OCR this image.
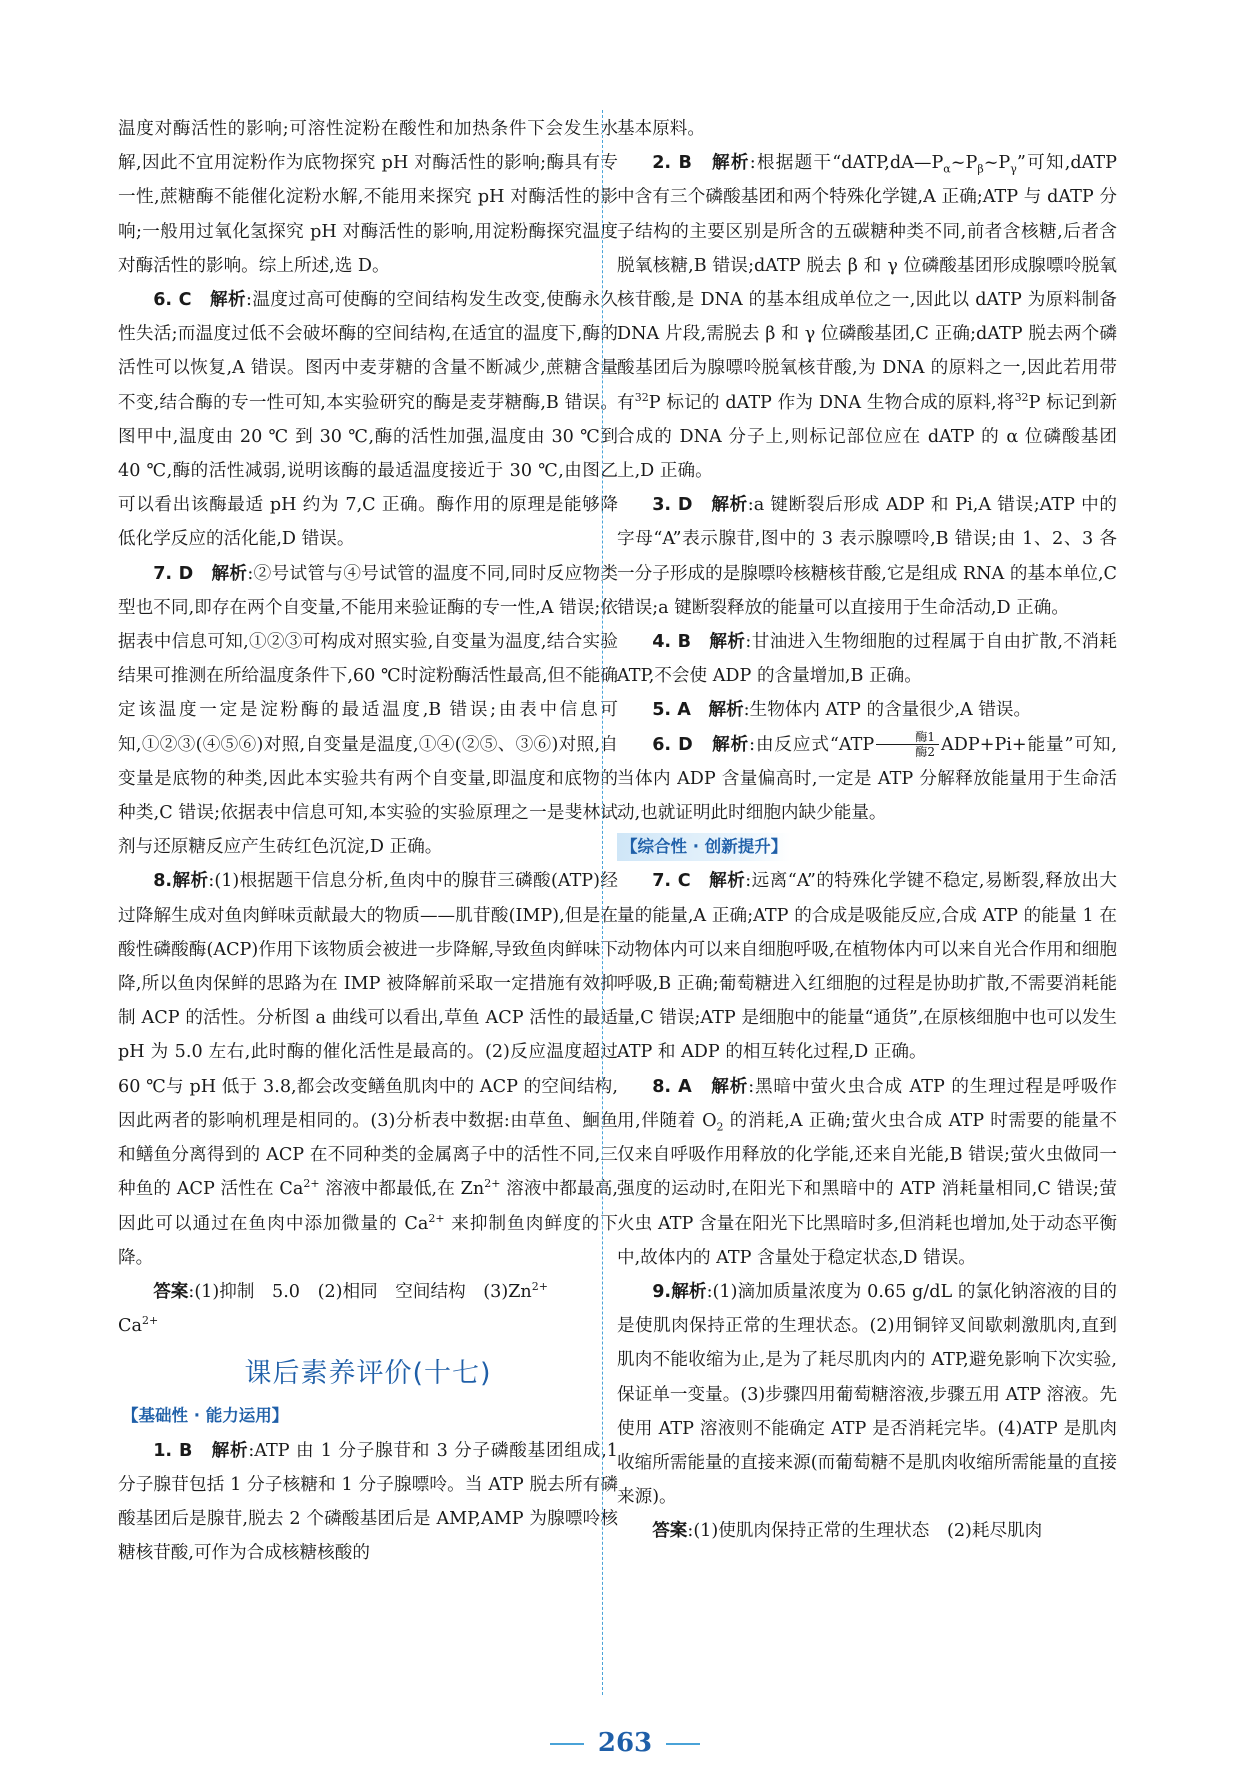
温度对酶活性的影响;可溶性淀粉在酸性和加热条件下会发生水解,因此不宜用淀粉作为底物探究 pH 对酶活性的影响;酶具有专一性,蔗糖酶不能催化淀粉水解,不能用来探究 pH 对酶活性的影响;一般用过氧化氢探究 pH 对酶活性的影响,用淀粉酶探究温度对酶活性的影响。综上所述,选 D。

6. C　 解析:温度过高可使酶的空间结构发生改变,使酶永久性失活;而温度过低不会破坏酶的空间结构,在适宜的温度下,酶的活性可以恢复,A 错误。图丙中麦芽糖的含量不断减少,蔗糖含量不变,结合酶的专一性可知,本实验研究的酶是麦芽糖酶,B 错误。图甲中,温度由 20 ℃ 到 30 ℃,酶的活性加强,温度由 30 ℃到 40 ℃,酶的活性减弱,说明该酶的最适温度接近于 30 ℃,由图乙可以看出该酶最适 pH 约为 7,C 正确。酶作用的原理是能够降低化学反应的活化能,D 错误。

7. D　 解析:②号试管与④号试管的温度不同,同时反应物类型也不同,即存在两个自变量,不能用来验证酶的专一性,A 错误;依据表中信息可知,①②③可构成对照实验,自变量为温度,结合实验结果可推测在所给温度条件下,60 ℃时淀粉酶活性最高,但不能确定该温度一定是淀粉酶的最适温度,B 错误;由表中信息可知,①②③(④⑤⑥)对照,自变量是温度,①④(②⑤、③⑥)对照,自变量是底物的种类,因此本实验共有两个自变量,即温度和底物的种类,C 错误;依据表中信息可知,本实验的实验原理之一是斐林试剂与还原糖反应产生砖红色沉淀,D 正确。

8.解析:(1)根据题干信息分析,鱼肉中的腺苷三磷酸(ATP)经过降解生成对鱼肉鲜味贡献最大的物质——肌苷酸(IMP),但是在酸性磷酸酶(ACP)作用下该物质会被进一步降解,导致鱼肉鲜味下降,所以鱼肉保鲜的思路为在 IMP 被降解前采取一定措施有效抑制 ACP 的活性。分析图 a 曲线可以看出,草鱼 ACP 活性的最适 pH 为 5.0 左右,此时酶的催化活性是最高的。(2)反应温度超过 60 ℃与 pH 低于 3.8,都会改变鳝鱼肌肉中的 ACP 的空间结构,因此两者的影响机理是相同的。(3)分析表中数据:由草鱼、鮰鱼和鳝鱼分离得到的 ACP 在不同种类的金属离子中的活性不同,三种鱼的 ACP 活性在 $Ca^{2+}$ 溶液中都最低,在 $Zn^{2+}$ 溶液中都最高,因此可以通过在鱼肉中添加微量的 $Ca^{2+}$ 来抑制鱼肉鲜度的下降。

答案:(1)抑制　5.0　(2)相同　空间结构　$(3)Zn^{2+}$

$Ca^{2+}$

课后素养评价(十七)
【基础性 · 能力运用】

1. B　 解析:ATP 由 1 分子腺苷和 3 分子磷酸基团组成,1 分子腺苷包括 1 分子核糖和 1 分子腺嘌呤。当 ATP 脱去所有磷酸基团后是腺苷,脱去 2 个磷酸基团后是 AMP,AMP 为腺嘌呤核糖核苷酸,可作为合成核糖核酸的

基本原料。

2. B　 解析:根据题干“$dATP,dA—P_\alpha\sim P_\beta\sim P_\gamma$”可知,dATP 中含有三个磷酸基团和两个特殊化学键,A 正确;ATP 与 dATP 分子结构的主要区别是所含的五碳糖种类不同,前者含核糖,后者含脱氧核糖,B 错误;dATP 脱去 β 和 γ 位磷酸基团形成腺嘌呤脱氧核苷酸,是 DNA 的基本组成单位之一,因此以 dATP 为原料制备 DNA 片段,需脱去 β 和 γ 位磷酸基团,C 正确;dATP 脱去两个磷酸基团后为腺嘌呤脱氧核苷酸,为 DNA 的原料之一,因此若用带有$^{32}$P 标记的 dATP 作为 DNA 生物合成的原料,将$^{32}$P 标记到新合成的 DNA 分子上,则标记部位应在 dATP 的 α 位磷酸基团上,D 正确。

3. D　 解析:a 键断裂后形成 ADP 和 Pi,A 错误;ATP 中的字母“A”表示腺苷,图中的 3 表示腺嘌呤,B 错误;由 1、2、3 各一分子形成的是腺嘌呤核糖核苷酸,它是组成 RNA 的基本单位,C 错误;a 键断裂释放的能量可以直接用于生命活动,D 正确。

4. B　 解析:甘油进入生物细胞的过程属于自由扩散,不消耗 ATP,不会使 ADP 的含量增加,B 正确。

5. A　 解析:生物体内 ATP 的含量很少,A 错误。

6. D　 解析:由反应式“ATP	酶1
酶2 ADP+Pi+能量”可知,当体内 ADP 含量偏高时,一定是 ATP 分解释放能量用于生命活动,也就证明此时细胞内缺少能量。

【综合性 · 创新提升】

7. C　 解析:远离“A”的特殊化学键不稳定,易断裂,释放出大量的能量,A 正确;ATP 的合成是吸能反应,合成 ATP 的能量 1 在动物体内可以来自细胞呼吸,在植物体内可以来自光合作用和细胞呼吸,B 正确;葡萄糖进入红细胞的过程是协助扩散,不需要消耗能量,C 错误;ATP 是细胞中的能量“通货”,在原核细胞中也可以发生 ATP 和 ADP 的相互转化过程,D 正确。

8. A　 解析:黑暗中萤火虫合成 ATP 的生理过程是呼吸作用,伴随着 $O_2$ 的消耗,A 正确;萤火虫合成 ATP 时需要的能量不仅来自呼吸作用释放的化学能,还来自光能,B 错误;萤火虫做同一强度的运动时,在阳光下和黑暗中的 ATP 消耗量相同,C 错误;萤火虫 ATP 含量在阳光下比黑暗时多,但消耗也增加,处于动态平衡中,故体内的 ATP 含量处于稳定状态,D 错误。

9.解析:(1)滴加质量浓度为 0.65 g/dL 的氯化钠溶液的目的是使肌肉保持正常的生理状态。(2)用铜锌叉间歇刺激肌肉,直到肌肉不能收缩为止,是为了耗尽肌肉内的 ATP,避免影响下次实验,保证单一变量。(3)步骤四用葡萄糖溶液,步骤五用 ATP 溶液。先使用 ATP 溶液则不能确定 ATP 是否消耗完毕。(4)ATP 是肌肉收缩所需能量的直接来源(而葡萄糖不是肌肉收缩所需能量的直接来源)。

答案:(1)使肌肉保持正常的生理状态　(2)耗尽肌肉

263
